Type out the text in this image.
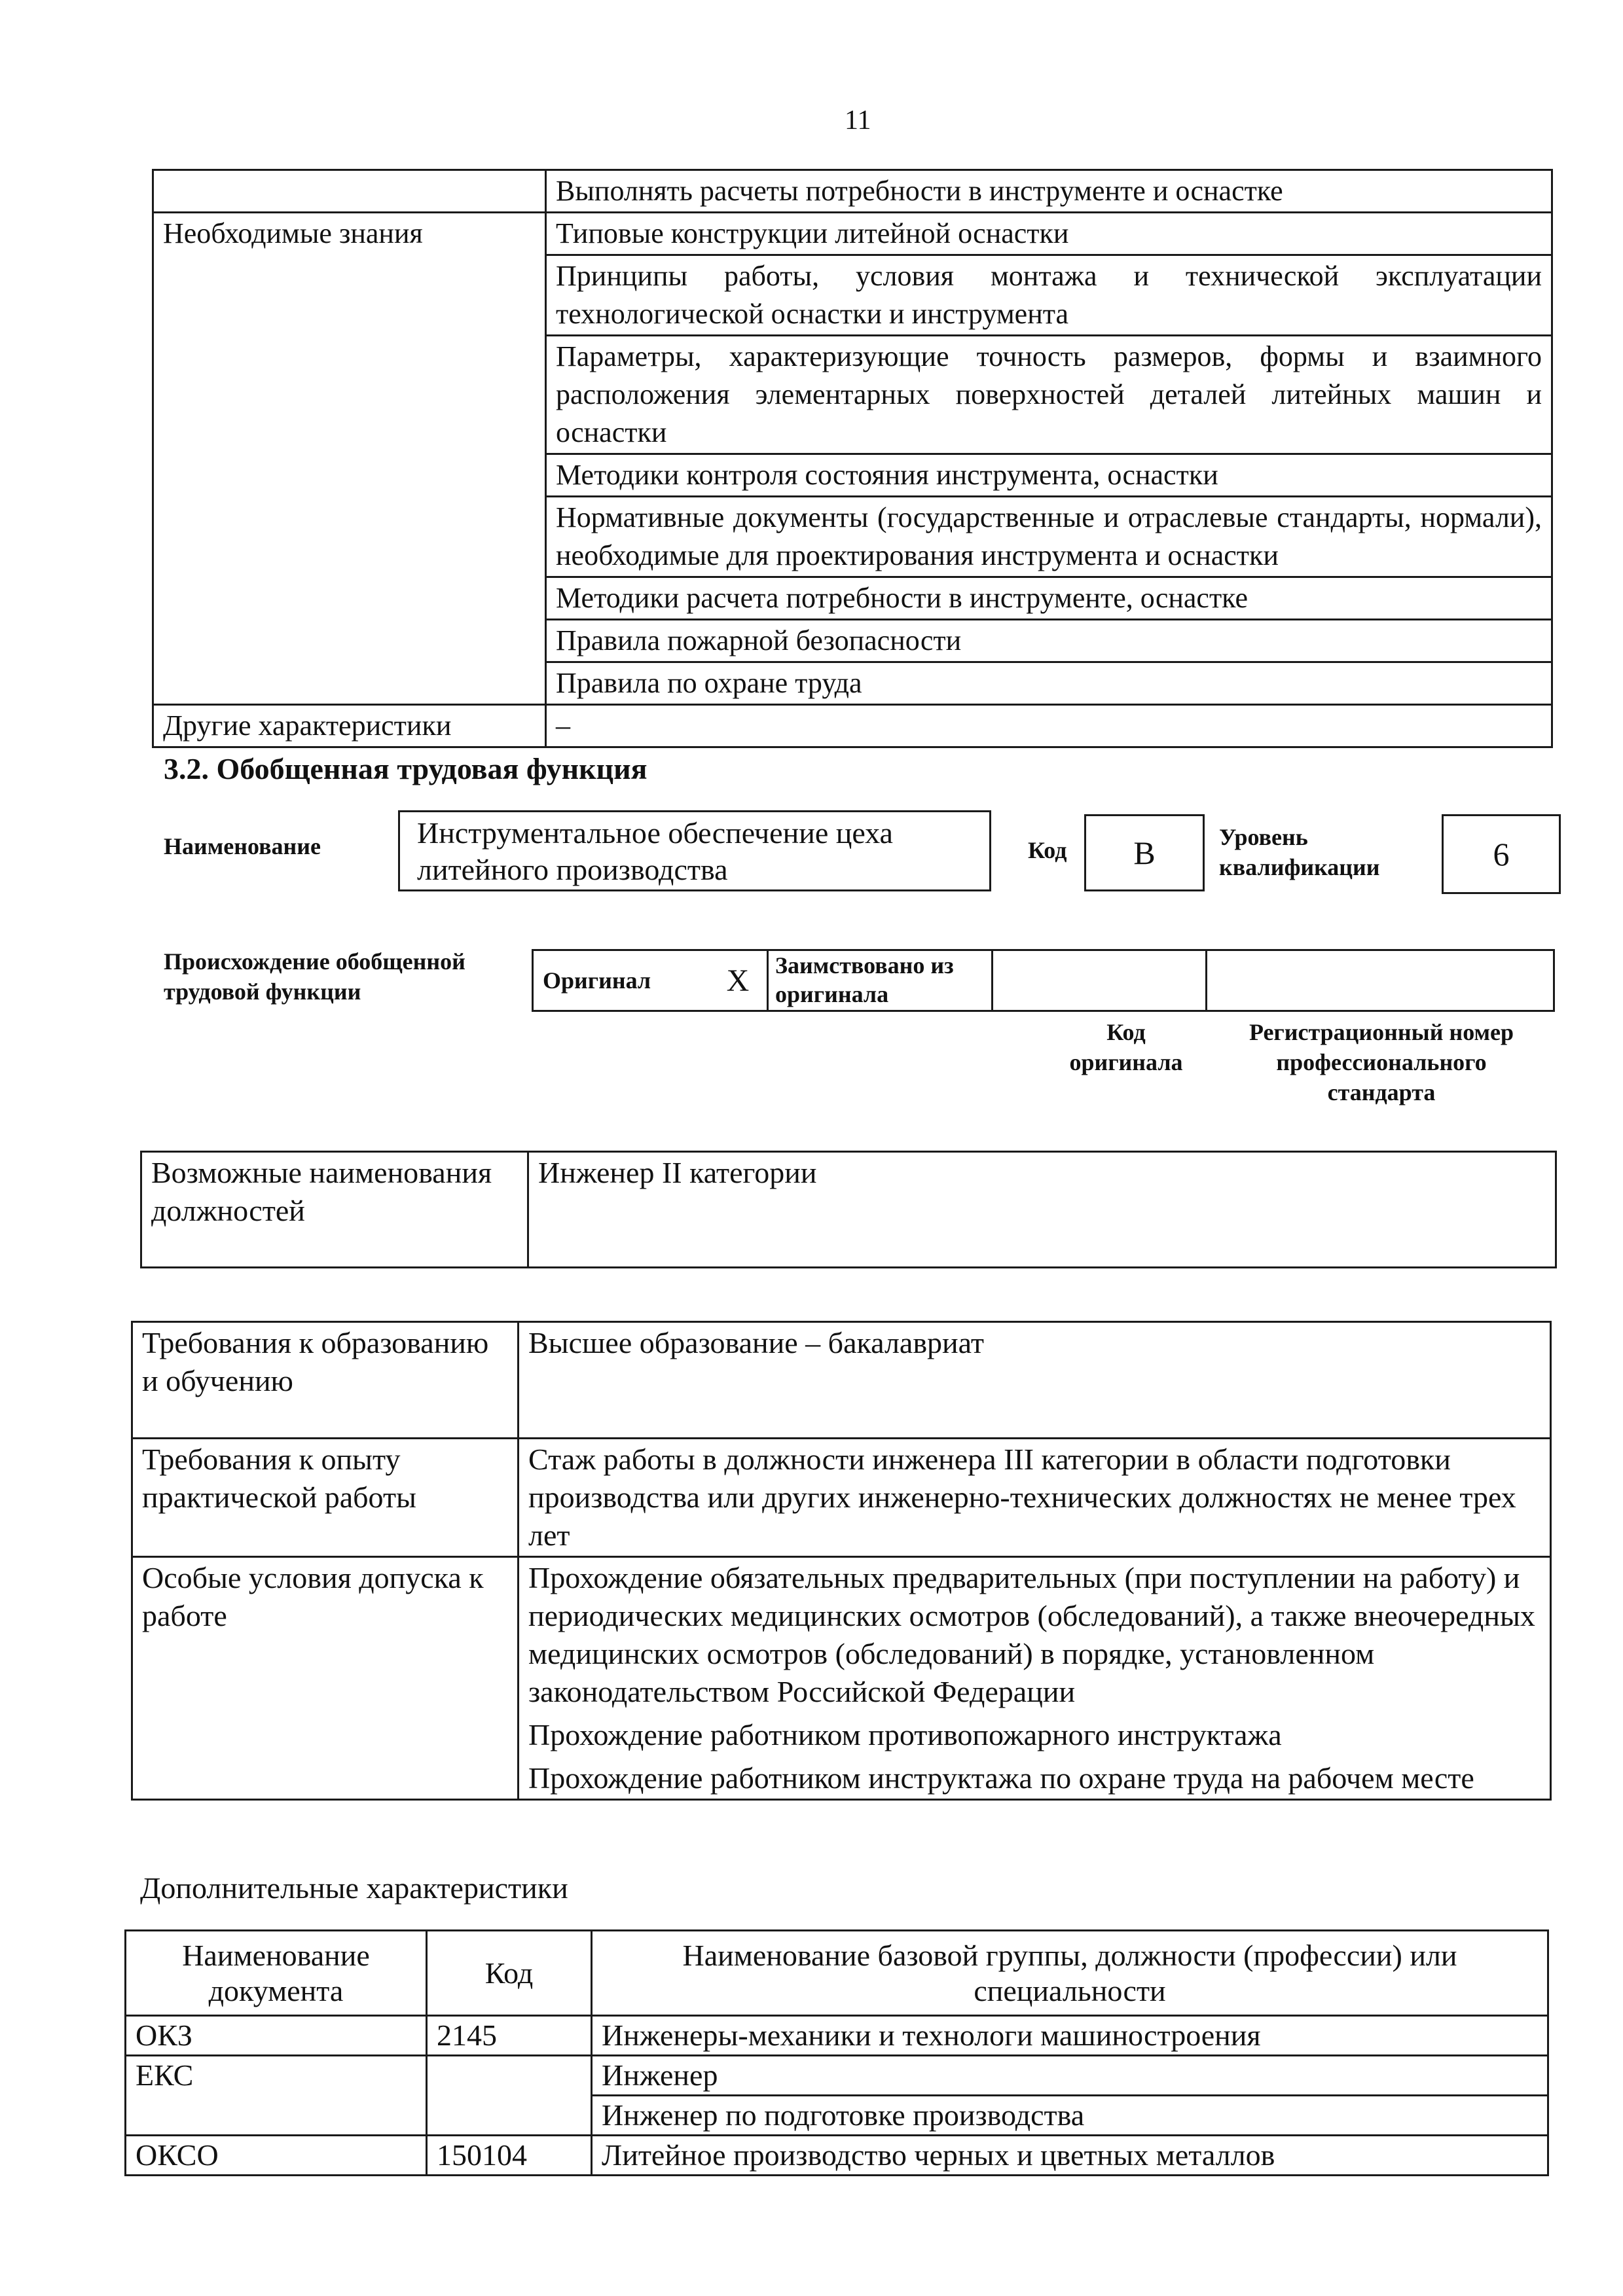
11
	Выполнять расчеты потребности в инструменте и оснастке
Необходимые знания	Типовые конструкции литейной оснастки
	Принципы работы, условия монтажа и технической эксплуатации технологической оснастки и инструмента
	Параметры, характеризующие точность размеров, формы и взаимного расположения элементарных поверхностей деталей литейных машин и оснастки
	Методики контроля состояния инструмента, оснастки
	Нормативные документы (государственные и отраслевые стандарты, нормали), необходимые для проектирования инструмента и оснастки
	Методики расчета потребности в инструменте, оснастке
	Правила пожарной безопасности
	Правила по охране труда
Другие характеристики	–
3.2. Обобщенная трудовая функция
Наименование	Инструментальное обеспечение цеха литейного производства
Код B	Уровень квалификации	6
Происхождение обобщенной трудовой функции	Оригинал	X	Заимствовано из оригинала		
Код оригинала
Регистрационный номер профессионального стандарта
Возможные наименования должностей	Инженер II категории
Требования к образованию и обучению	Высшее образование – бакалавриат
Требования к опыту практической работы	Стаж работы в должности инженера III категории в области подготовки производства или других инженерно-технических должностях не менее трех лет
Особые условия допуска к работе	Прохождение обязательных предварительных (при поступлении на работу) и периодических медицинских осмотров (обследований), а также внеочередных медицинских осмотров (обследований) в порядке, установленном законодательством Российской Федерации
Прохождение работником противопожарного инструктажа
Прохождение работником инструктажа по охране труда на рабочем месте
Дополнительные характеристики
Наименование документа	Код	Наименование базовой группы, должности (профессии) или специальности
ОКЗ	2145	Инженеры-механики и технологи машиностроения
ЕКС		Инженер
		Инженер по подготовке производства
ОКСО	150104	Литейное производство черных и цветных металлов
